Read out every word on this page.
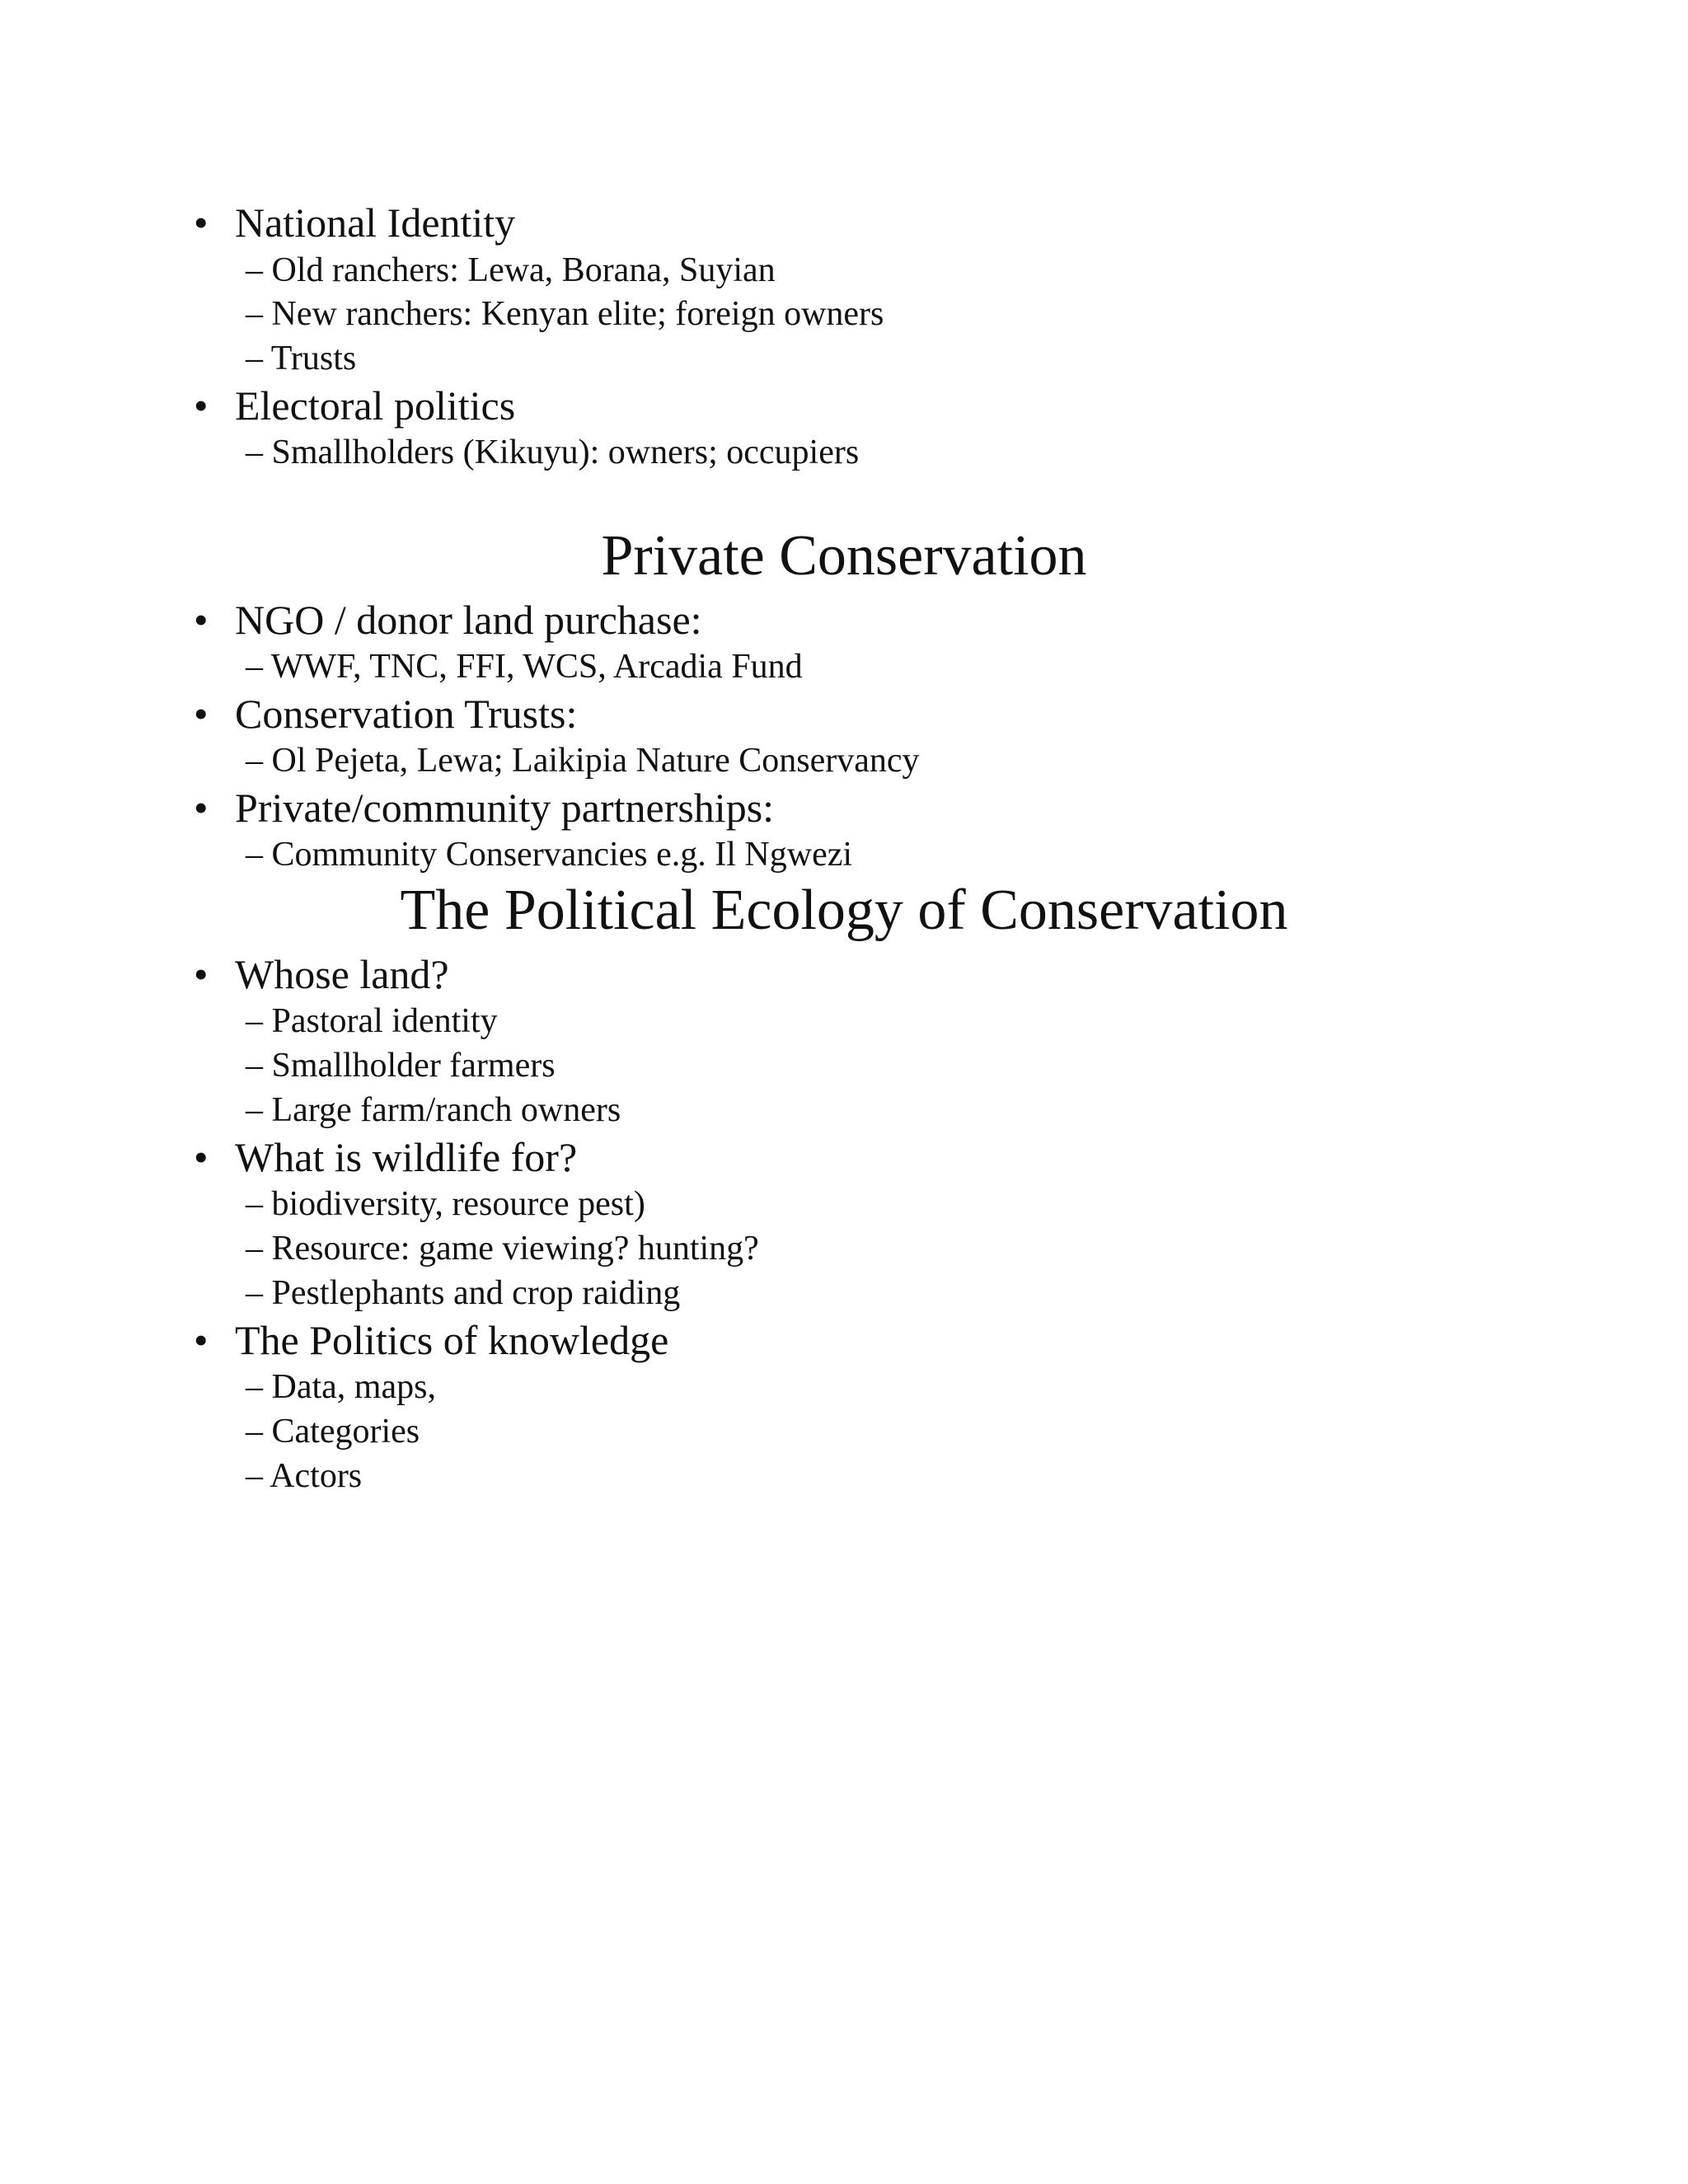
• National Identity
– Old ranchers: Lewa, Borana, Suyian
– New ranchers: Kenyan elite; foreign owners
– Trusts
• Electoral politics
– Smallholders (Kikuyu): owners; occupiers
Private Conservation
• NGO / donor land purchase:
– WWF, TNC, FFI, WCS, Arcadia Fund
• Conservation Trusts:
– Ol Pejeta, Lewa; Laikipia Nature Conservancy
• Private/community partnerships:
– Community Conservancies e.g. Il Ngwezi
The Political Ecology of Conservation
• Whose land?
– Pastoral identity
– Smallholder farmers
– Large farm/ranch owners
• What is wildlife for?
– biodiversity, resource pest)
– Resource: game viewing? hunting?
– Pestlephants and crop raiding
• The Politics of knowledge
– Data, maps,
– Categories
– Actors
